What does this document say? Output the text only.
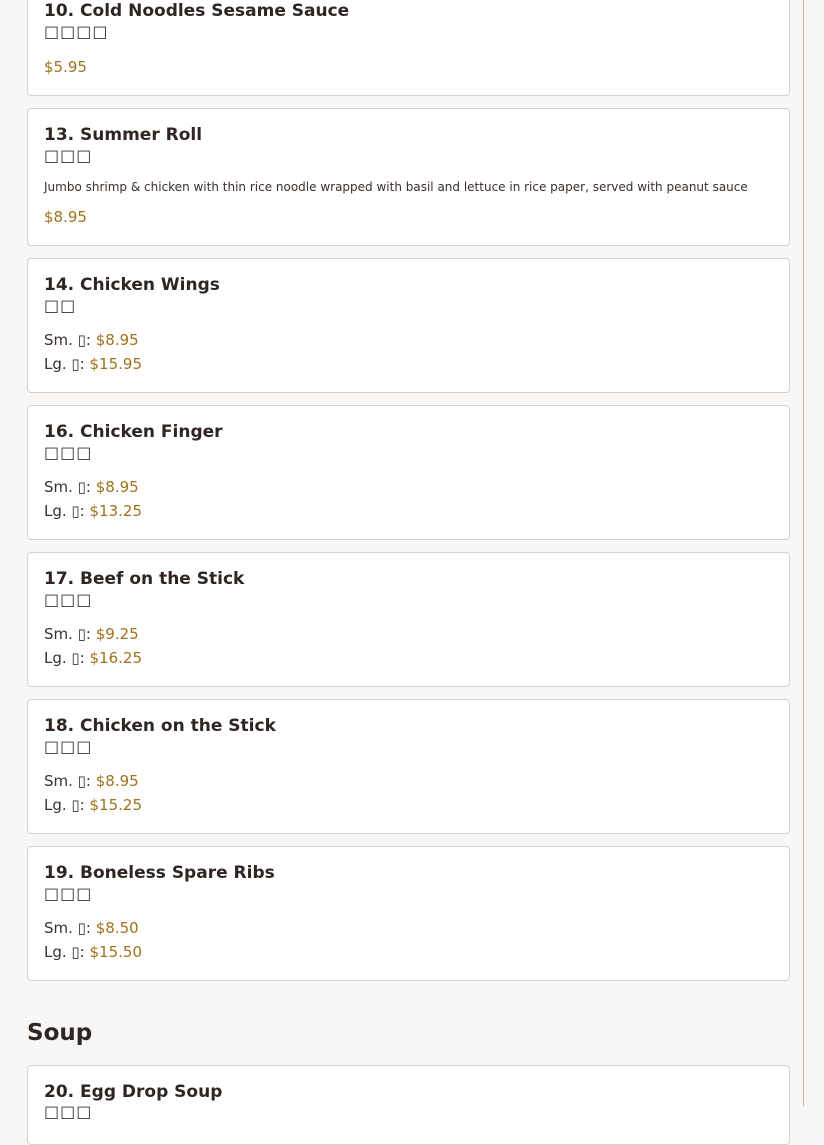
10. Cold Noodles Sesame Sauce
□□□□
$5.95
13. Summer Roll
□□□
Jumbo shrimp & chicken with thin rice noodle wrapped with basil and lettuce in rice paper, served with peanut sauce
$8.95
14. Chicken Wings
□□
Sm. ▯: $8.95
Lg. ▯: $15.95
16. Chicken Finger
□□□
Sm. ▯: $8.95
Lg. ▯: $13.25
17. Beef on the Stick
□□□
Sm. ▯: $9.25
Lg. ▯: $16.25
18. Chicken on the Stick
□□□
Sm. ▯: $8.95
Lg. ▯: $15.25
19. Boneless Spare Ribs
□□□
Sm. ▯: $8.50
Lg. ▯: $15.50
Soup
20. Egg Drop Soup
□□□
